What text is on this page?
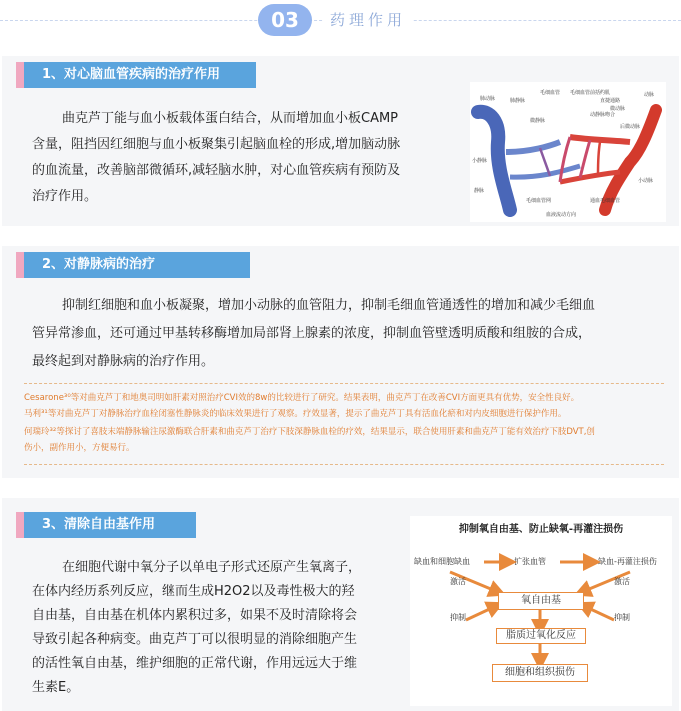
03	药理作用
1、对心脑血管疾病的治疗作用
曲克芦丁能与血小板载体蛋白结合，从而增加血小板CAMP
含量，阻挡因红细胞与血小板聚集引起脑血栓的形成,增加脑动脉
的血流量，改善脑部微循环,减轻脑水肿，对心血管疾病有预防及
治疗作用。
肺动脉	肺静脉
小静脉
小动脉
毛细血管
静脉
动脉
毛细血管网
毛细血管前括约肌
动静脉吻合
直捷通路
通血毛细血管
后微动脉
微静脉
微动脉
血液流动方向
2、对静脉病的治疗
抑制红细胞和血小板凝聚，增加小动脉的血管阻力，抑制毛细血管通透性的增加和减少毛细血
管异常渗血，还可通过甲基转移酶增加局部肾上腺素的浓度，抑制血管壁透明质酸和组胺的合成，
最终起到对静脉病的治疗作用。
Cesarone³⁰等对曲克芦丁和地奥司明如肝素对照治疗CVI效的8w的比较进行了研究。结果表明，曲克芦丁在改善CVI方面更具有优势，安全性良好。
马利³¹等对曲克芦丁对静脉治疗血栓闭塞性静脉炎的临床效果进行了观察。疗效显著，提示了曲克芦丁具有活血化瘀和对内皮细胞进行保护作用。
何瑞玲³²等探讨了喜肢末端静脉输注尿激酶联合肝素和曲克芦丁治疗下肢深静脉血栓的疗效，结果显示，联合使用肝素和曲克芦丁能有效治疗下肢DVT,创
伤小，副作用小，方便易行。
3、清除自由基作用
在细胞代谢中氧分子以单电子形式还原产生氧离子，
在体内经历系列反应，继而生成H2O2以及毒性极大的羟
自由基，自由基在机体内累积过多，如果不及时清除将会
导致引起各种病变。曲克芦丁可以很明显的消除细胞产生
的活性氧自由基，维护细胞的正常代谢，作用远远大于维
生素E。
抑制氧自由基、防止缺氧-再灌注损伤
缺血和细胞缺血	扩张血管	缺血-再灌注损伤
激活
抑制
激活
抑制
氧自由基
脂质过氧化反应
细胞和组织损伤
